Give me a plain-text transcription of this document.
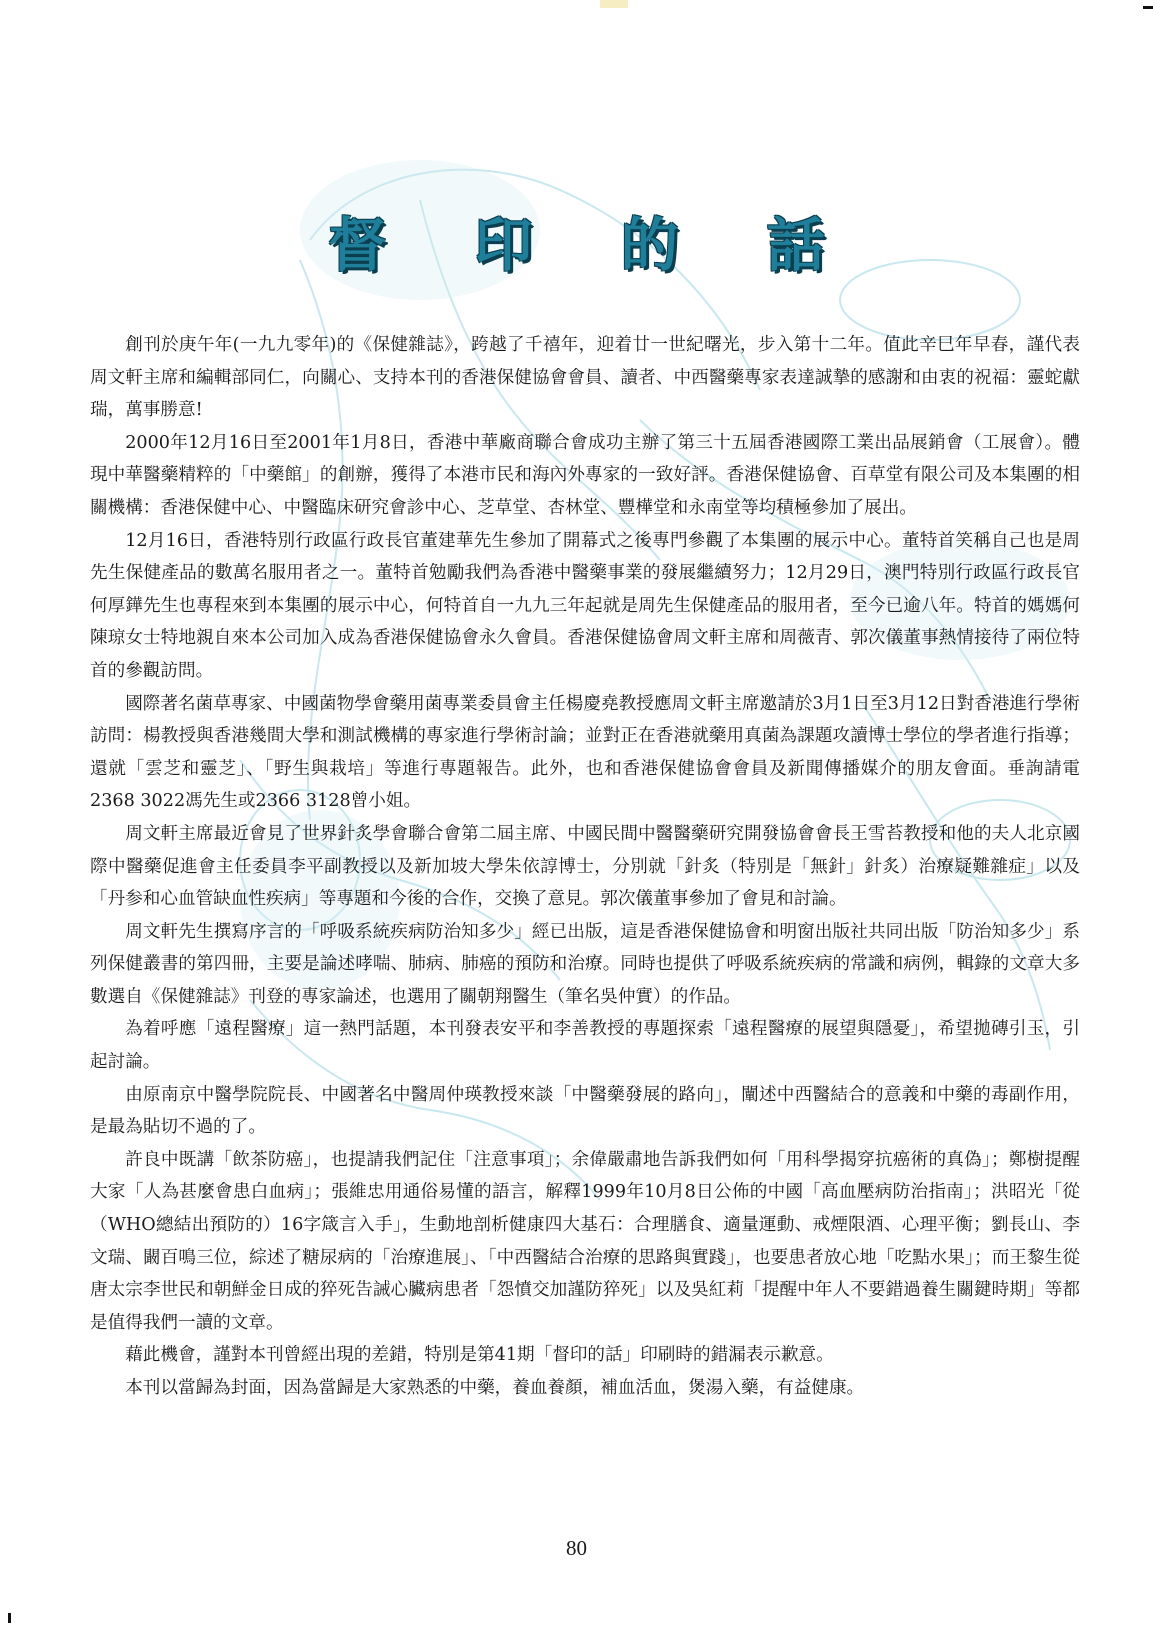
督 印 的 話

創刊於庚午年(一九九零年)的《保健雜誌》，跨越了千禧年，迎着廿一世紀曙光，步入第十二年。值此辛巳年早春，謹代表周文軒主席和編輯部同仁，向關心、支持本刊的香港保健協會會員、讀者、中西醫藥專家表達誠摯的感謝和由衷的祝福：靈蛇獻瑞，萬事勝意!

2000年12月16日至2001年1月8日，香港中華廠商聯合會成功主辦了第三十五屆香港國際工業出品展銷會（工展會）。體現中華醫藥精粹的「中藥館」的創辦，獲得了本港市民和海內外專家的一致好評。香港保健協會、百草堂有限公司及本集團的相關機構：香港保健中心、中醫臨床研究會診中心、芝草堂、杏林堂、豐樺堂和永南堂等均積極參加了展出。

12月16日，香港特別行政區行政長官董建華先生參加了開幕式之後專門參觀了本集團的展示中心。董特首笑稱自己也是周先生保健產品的數萬名服用者之一。董特首勉勵我們為香港中醫藥事業的發展繼續努力；12月29日，澳門特別行政區行政長官何厚鏵先生也專程來到本集團的展示中心，何特首自一九九三年起就是周先生保健產品的服用者，至今已逾八年。特首的媽媽何陳琼女士特地親自來本公司加入成為香港保健協會永久會員。香港保健協會周文軒主席和周薇青、郭次儀董事熱情接待了兩位特首的參觀訪問。

國際著名菌草專家、中國菌物學會藥用菌專業委員會主任楊慶堯教授應周文軒主席邀請於3月1日至3月12日對香港進行學術訪問：楊教授與香港幾間大學和測試機構的專家進行學術討論；並對正在香港就藥用真菌為課題攻讀博士學位的學者進行指導；還就「雲芝和靈芝」、「野生與栽培」等進行專題報告。此外，也和香港保健協會會員及新聞傳播媒介的朋友會面。垂詢請電2368 3022馮先生或2366 3128曾小姐。

周文軒主席最近會見了世界針炙學會聯合會第二屆主席、中國民間中醫醫藥研究開發協會會長王雪苔教授和他的夫人北京國際中醫藥促進會主任委員李平副教授以及新加坡大學朱依諄博士，分別就「針炙（特別是「無針」針炙）治療疑難雜症」以及「丹参和心血管缺血性疾病」等專題和今後的合作，交換了意見。郭次儀董事參加了會見和討論。

周文軒先生撰寫序言的「呼吸系統疾病防治知多少」經已出版，這是香港保健協會和明窗出版社共同出版「防治知多少」系列保健叢書的第四冊，主要是論述哮喘、肺病、肺癌的預防和治療。同時也提供了呼吸系統疾病的常識和病例，輯錄的文章大多數選自《保健雜誌》刊登的專家論述，也選用了關朝翔醫生（筆名吳仲實）的作品。

為着呼應「遠程醫療」這一熱門話題，本刊發表安平和李善教授的專題探索「遠程醫療的展望與隱憂」，希望拋磚引玉，引起討論。

由原南京中醫學院院長、中國著名中醫周仲瑛教授來談「中醫藥發展的路向」，闡述中西醫結合的意義和中藥的毒副作用，是最為貼切不過的了。

許良中既講「飲茶防癌」，也提請我們記住「注意事項」；余偉嚴肅地告訴我們如何「用科學揭穿抗癌術的真偽」；鄭樹提醒大家「人為甚麼會患白血病」；張維忠用通俗易懂的語言，解釋1999年10月8日公佈的中國「高血壓病防治指南」；洪昭光「從（WHO總結出預防的）16字箴言入手」，生動地剖析健康四大基石：合理膳食、適量運動、戒煙限酒、心理平衡；劉長山、李文瑞、闞百鳴三位，綜述了糖尿病的「治療進展」、「中西醫結合治療的思路與實踐」，也要患者放心地「吃點水果」；而王黎生從唐太宗李世民和朝鮮金日成的猝死告誡心臟病患者「怨憤交加謹防猝死」以及吳紅莉「提醒中年人不要錯過養生關鍵時期」等都是值得我們一讀的文章。

藉此機會，謹對本刊曾經出現的差錯，特別是第41期「督印的話」印刷時的錯漏表示歉意。

本刊以當歸為封面，因為當歸是大家熟悉的中藥，養血養顏，補血活血，煲湯入藥，有益健康。

80
